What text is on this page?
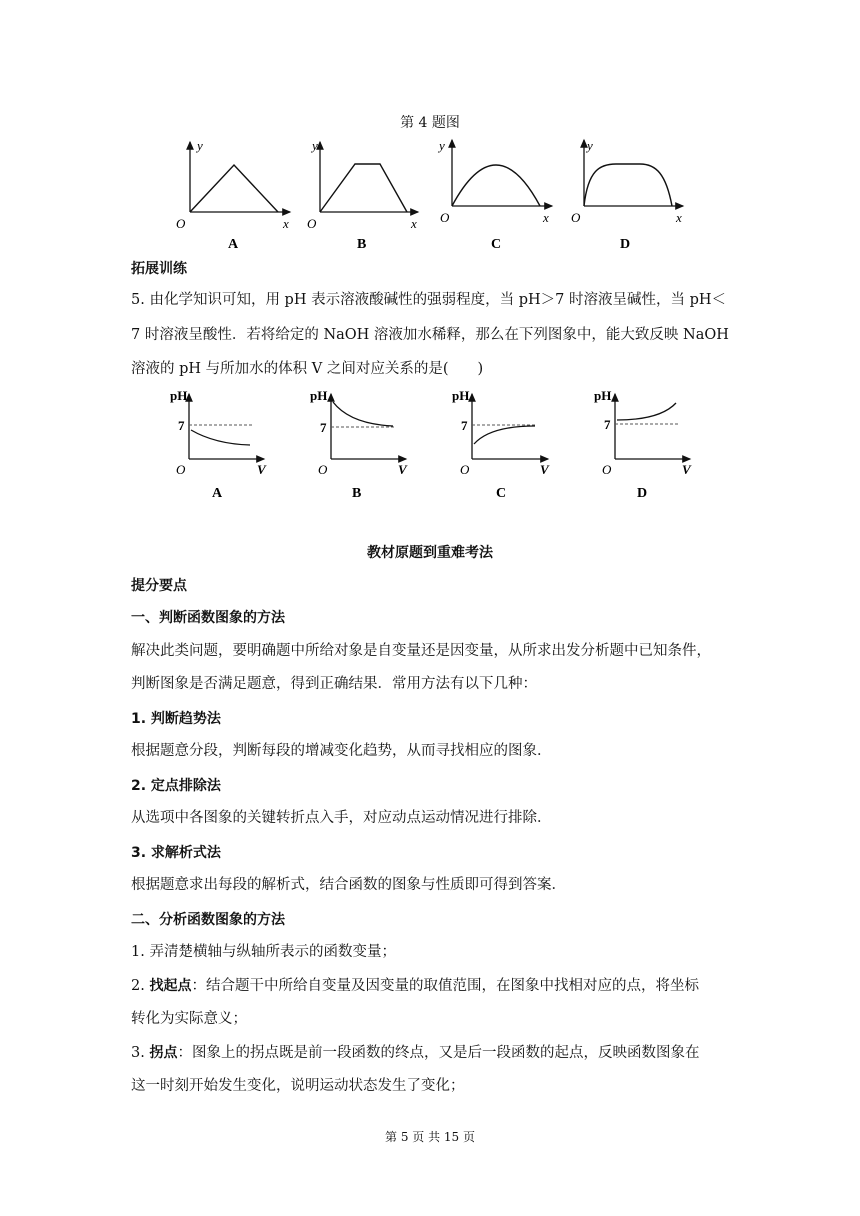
第 4 题图
y
x
O
A
y
x
O
B
y
x
O
C
y
x
O
D
拓展训练
5. 由化学知识可知，用 pH 表示溶液酸碱性的强弱程度，当 pH＞7 时溶液呈碱性，当 pH＜
7 时溶液呈酸性．若将给定的 NaOH 溶液加水稀释，那么在下列图象中，能大致反映 NaOH
溶液的 pH 与所加水的体积 V 之间对应关系的是(　　)
pH
7
V
O
A
pH
7
V
O
B
pH
7
V
O
C
pH
7
V
O
D
教材原题到重难考法
提分要点
一、判断函数图象的方法
解决此类问题，要明确题中所给对象是自变量还是因变量，从所求出发分析题中已知条件，
判断图象是否满足题意，得到正确结果．常用方法有以下几种：
1. 判断趋势法
根据题意分段，判断每段的增减变化趋势，从而寻找相应的图象．
2. 定点排除法
从选项中各图象的关键转折点入手，对应动点运动情况进行排除．
3. 求解析式法
根据题意求出每段的解析式，结合函数的图象与性质即可得到答案．
二、分析函数图象的方法
1. 弄清楚横轴与纵轴所表示的函数变量；
2. 找起点：结合题干中所给自变量及因变量的取值范围，在图象中找相对应的点，将坐标
转化为实际意义；
3. 拐点：图象上的拐点既是前一段函数的终点，又是后一段函数的起点，反映函数图象在
这一时刻开始发生变化，说明运动状态发生了变化；
第 5 页 共 15 页
